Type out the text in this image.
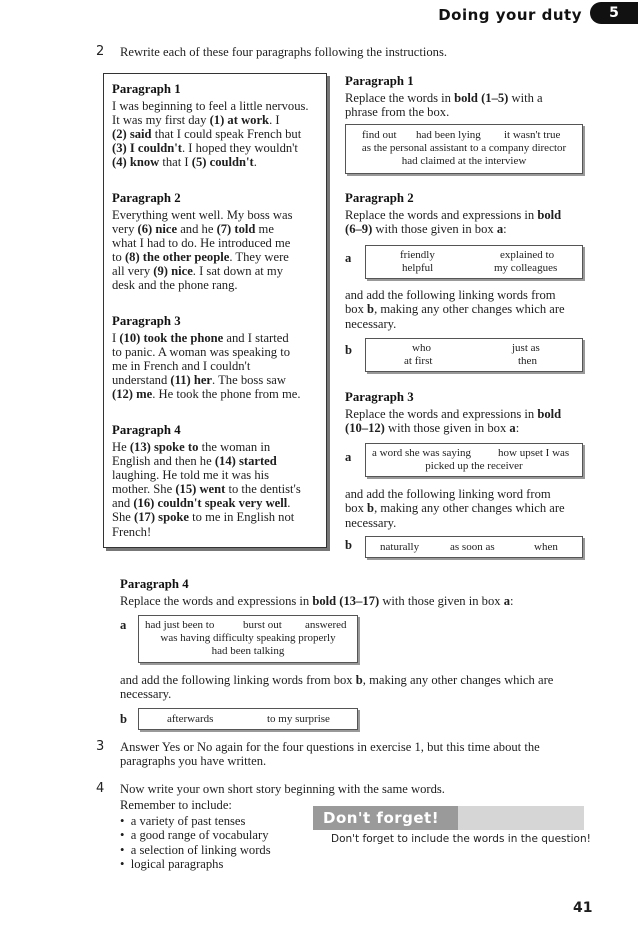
Doing your duty	5
2 Rewrite each of these four paragraphs following the instructions.
Paragraph 1
I was beginning to feel a little nervous.
It was my first day (1) at work. I
(2) said that I could speak French but
(3) I couldn't. I hoped they wouldn't
(4) know that I (5) couldn't.
Paragraph 2
Everything went well. My boss was
very (6) nice and he (7) told me
what I had to do. He introduced me
to (8) the other people. They were
all very (9) nice. I sat down at my
desk and the phone rang.
Paragraph 3
I (10) took the phone and I started
to panic. A woman was speaking to
me in French and I couldn't
understand (11) her. The boss saw
(12) me. He took the phone from me.
Paragraph 4
He (13) spoke to the woman in
English and then he (14) started
laughing. He told me it was his
mother. She (15) went to the dentist's
and (16) couldn't speak very well.
She (17) spoke to me in English not
French!
Paragraph 1
Replace the words in bold (1–5) with a
phrase from the box.
find out had been lying it wasn't true
as the personal assistant to a company director
had claimed at the interview
Paragraph 2
Replace the words and expressions in bold
(6–9) with those given in box a:
a	friendly	explained to
helpful	my colleagues
and add the following linking words from
box b, making any other changes which are
necessary.
b	who	just as
at first	then
Paragraph 3
Replace the words and expressions in bold
(10–12) with those given in box a:
a a word she was saying how upset I was
picked up the receiver
and add the following linking word from
box b, making any other changes which are
necessary.
b	naturally	as soon as	when
Paragraph 4
Replace the words and expressions in bold (13–17) with those given in box a:
a had just been to	burst out answered
was having difficulty speaking properly
had been talking
and add the following linking words from box b, making any other changes which are
necessary.
b	afterwards	to my surprise
3 Answer Yes or No again for the four questions in exercise 1, but this time about the
paragraphs you have written.
4 Now write your own short story beginning with the same words.
Remember to include:
•  a variety of past tenses
•  a good range of vocabulary
•  a selection of linking words
•  logical paragraphs
Don't forget!
Don't forget to include the words in the question!
41
